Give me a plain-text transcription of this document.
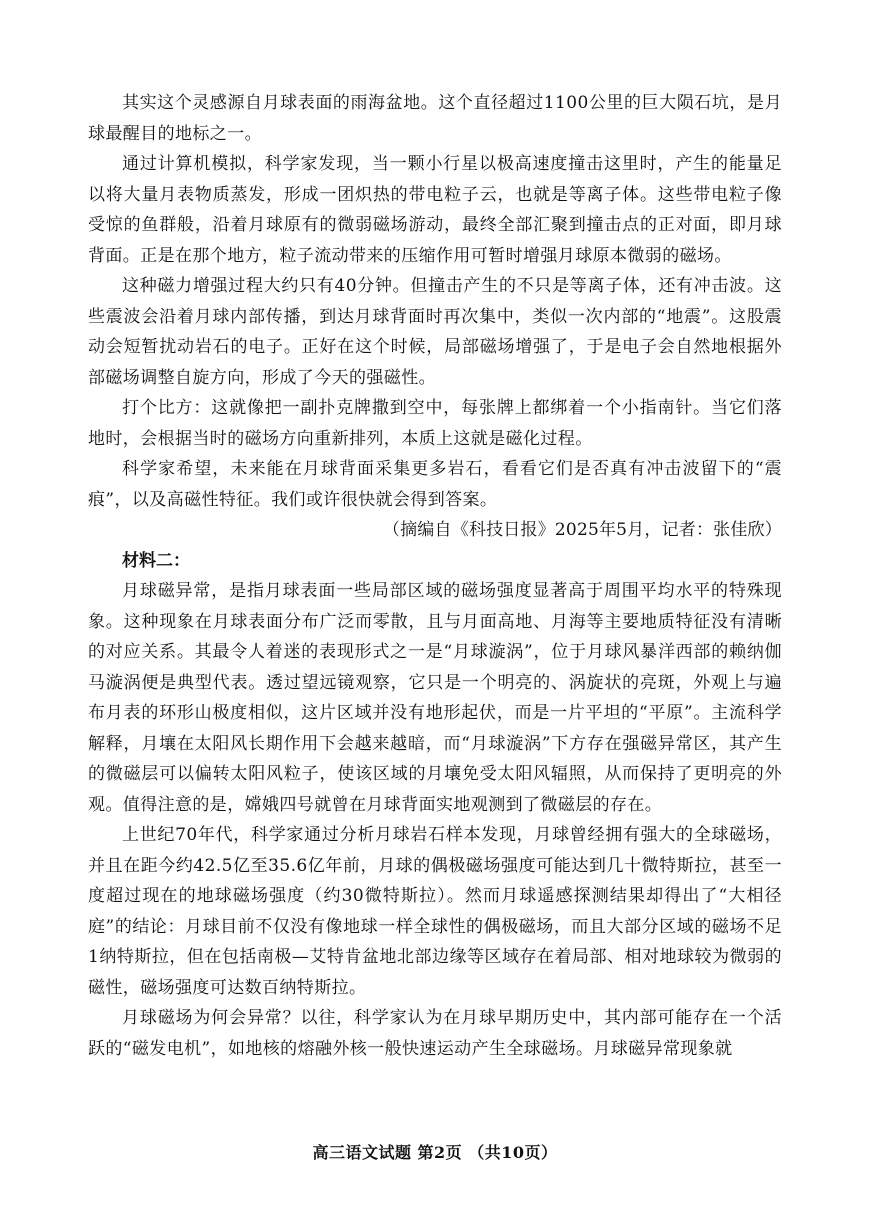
其实这个灵感源自月球表面的雨海盆地。这个直径超过1100公里的巨大陨石坑，是月球最醒目的地标之一。

通过计算机模拟，科学家发现，当一颗小行星以极高速度撞击这里时，产生的能量足以将大量月表物质蒸发，形成一团炽热的带电粒子云，也就是等离子体。这些带电粒子像受惊的鱼群般，沿着月球原有的微弱磁场游动，最终全部汇聚到撞击点的正对面，即月球背面。正是在那个地方，粒子流动带来的压缩作用可暂时增强月球原本微弱的磁场。

这种磁力增强过程大约只有40分钟。但撞击产生的不只是等离子体，还有冲击波。这些震波会沿着月球内部传播，到达月球背面时再次集中，类似一次内部的“地震”。这股震动会短暂扰动岩石的电子。正好在这个时候，局部磁场增强了，于是电子会自然地根据外部磁场调整自旋方向，形成了今天的强磁性。

打个比方：这就像把一副扑克牌撒到空中，每张牌上都绑着一个小指南针。当它们落地时，会根据当时的磁场方向重新排列，本质上这就是磁化过程。

科学家希望，未来能在月球背面采集更多岩石，看看它们是否真有冲击波留下的“震痕”，以及高磁性特征。我们或许很快就会得到答案。

（摘编自《科技日报》2025年5月，记者：张佳欣）

材料二：

月球磁异常，是指月球表面一些局部区域的磁场强度显著高于周围平均水平的特殊现象。这种现象在月球表面分布广泛而零散，且与月面高地、月海等主要地质特征没有清晰的对应关系。其最令人着迷的表现形式之一是“月球漩涡”，位于月球风暴洋西部的赖纳伽马漩涡便是典型代表。透过望远镜观察，它只是一个明亮的、涡旋状的亮斑，外观上与遍布月表的环形山极度相似，这片区域并没有地形起伏，而是一片平坦的“平原”。主流科学解释，月壤在太阳风长期作用下会越来越暗，而“月球漩涡”下方存在强磁异常区，其产生的微磁层可以偏转太阳风粒子，使该区域的月壤免受太阳风辐照，从而保持了更明亮的外观。值得注意的是，嫦娥四号就曾在月球背面实地观测到了微磁层的存在。

上世纪70年代，科学家通过分析月球岩石样本发现，月球曾经拥有强大的全球磁场，并且在距今约42.5亿至35.6亿年前，月球的偶极磁场强度可能达到几十微特斯拉，甚至一度超过现在的地球磁场强度（约30微特斯拉）。然而月球遥感探测结果却得出了“大相径庭”的结论：月球目前不仅没有像地球一样全球性的偶极磁场，而且大部分区域的磁场不足1纳特斯拉，但在包括南极—艾特肯盆地北部边缘等区域存在着局部、相对地球较为微弱的磁性，磁场强度可达数百纳特斯拉。

月球磁场为何会异常？以往，科学家认为在月球早期历史中，其内部可能存在一个活跃的“磁发电机”，如地核的熔融外核一般快速运动产生全球磁场。月球磁异常现象就

高三语文试题 第2页 （共10页）
